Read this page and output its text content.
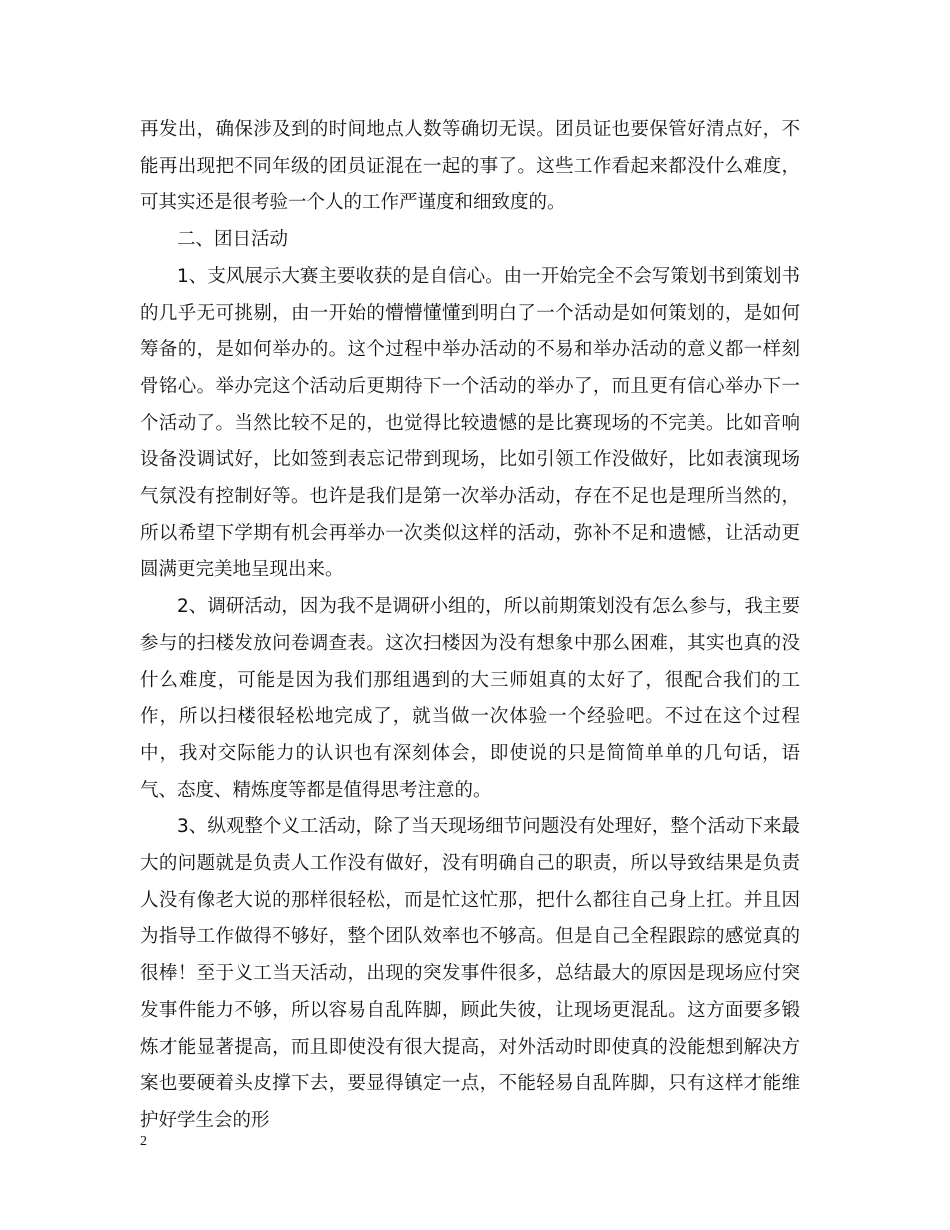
再发出，确保涉及到的时间地点人数等确切无误。团员证也要保管好清点好，不能再出现把不同年级的团员证混在一起的事了。这些工作看起来都没什么难度，可其实还是很考验一个人的工作严谨度和细致度的。

二、团日活动

1、支风展示大赛主要收获的是自信心。由一开始完全不会写策划书到策划书的几乎无可挑剔，由一开始的懵懵懂懂到明白了一个活动是如何策划的，是如何筹备的，是如何举办的。这个过程中举办活动的不易和举办活动的意义都一样刻骨铭心。举办完这个活动后更期待下一个活动的举办了，而且更有信心举办下一个活动了。当然比较不足的，也觉得比较遗憾的是比赛现场的不完美。比如音响设备没调试好，比如签到表忘记带到现场，比如引领工作没做好，比如表演现场气氛没有控制好等。也许是我们是第一次举办活动，存在不足也是理所当然的，所以希望下学期有机会再举办一次类似这样的活动，弥补不足和遗憾，让活动更圆满更完美地呈现出来。

2、调研活动，因为我不是调研小组的，所以前期策划没有怎么参与，我主要参与的扫楼发放问卷调查表。这次扫楼因为没有想象中那么困难，其实也真的没什么难度，可能是因为我们那组遇到的大三师姐真的太好了，很配合我们的工作，所以扫楼很轻松地完成了，就当做一次体验一个经验吧。不过在这个过程中，我对交际能力的认识也有深刻体会，即使说的只是简简单单的几句话，语气、态度、精炼度等都是值得思考注意的。

3、纵观整个义工活动，除了当天现场细节问题没有处理好，整个活动下来最大的问题就是负责人工作没有做好，没有明确自己的职责，所以导致结果是负责人没有像老大说的那样很轻松，而是忙这忙那，把什么都往自己身上扛。并且因为指导工作做得不够好，整个团队效率也不够高。但是自己全程跟踪的感觉真的很棒！至于义工当天活动，出现的突发事件很多，总结最大的原因是现场应付突发事件能力不够，所以容易自乱阵脚，顾此失彼，让现场更混乱。这方面要多锻炼才能显著提高，而且即使没有很大提高，对外活动时即使真的没能想到解决方案也要硬着头皮撑下去，要显得镇定一点，不能轻易自乱阵脚，只有这样才能维护好学生会的形

2
